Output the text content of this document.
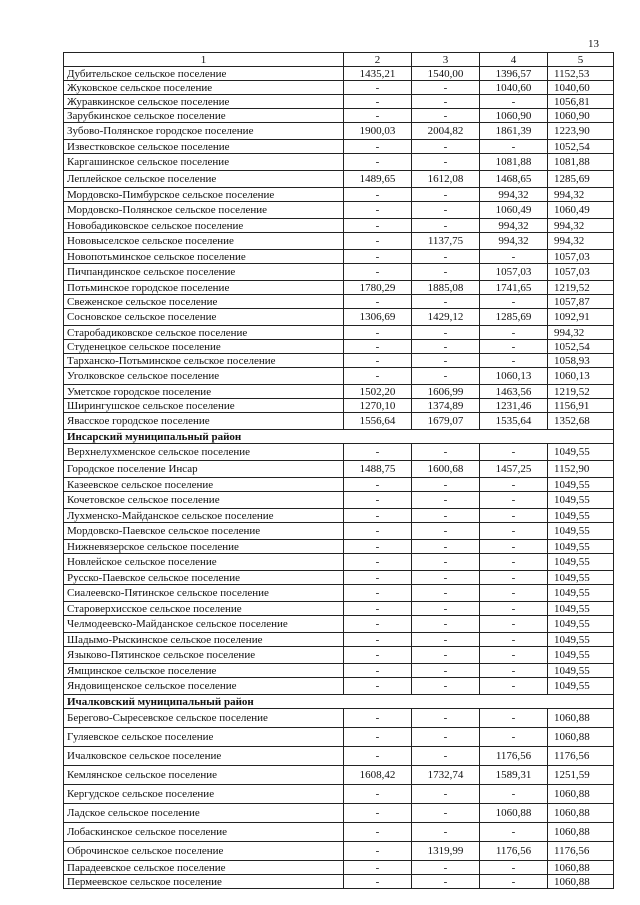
13
1	2	3	4	5
Дубительское сельское поселение	1435,21	1540,00	1396,57	1152,53
Жуковское сельское поселение	-	-	1040,60	1040,60
Журавкинское сельское поселение	-	-	-	1056,81
Зарубкинское сельское поселение	-	-	1060,90	1060,90
Зубово-Полянское городское поселение	1900,03	2004,82	1861,39	1223,90
Известковское сельское поселение	-	-	-	1052,54
Каргашинское сельское поселение	-	-	1081,88	1081,88
Леплейское сельское поселение	1489,65	1612,08	1468,65	1285,69
Мордовско-Пимбурское сельское поселение	-	-	994,32	994,32
Мордовско-Полянское сельское поселение	-	-	1060,49	1060,49
Новобадиковское сельское поселение	-	-	994,32	994,32
Нововыселское сельское поселение	-	1137,75	994,32	994,32
Новопотьминское сельское поселение	-	-	-	1057,03
Пичпандинское сельское поселение	-	-	1057,03	1057,03
Потьминское городское поселение	1780,29	1885,08	1741,65	1219,52
Свеженское сельское поселение	-	-	-	1057,87
Сосновское сельское поселение	1306,69	1429,12	1285,69	1092,91
Старобадиковское сельское поселение	-	-	-	994,32
Студенецкое сельское поселение	-	-	-	1052,54
Тарханско-Потьминское сельское поселение	-	-	-	1058,93
Уголковское сельское поселение	-	-	1060,13	1060,13
Уметское городское поселение	1502,20	1606,99	1463,56	1219,52
Ширингушское сельское поселение	1270,10	1374,89	1231,46	1156,91
Явасское городское поселение	1556,64	1679,07	1535,64	1352,68
Инсарский муниципальный район				
Верхнелухменское сельское поселение	-	-	-	1049,55
Городское поселение Инсар	1488,75	1600,68	1457,25	1152,90
Казеевское сельское поселение	-	-	-	1049,55
Кочетовское сельское поселение	-	-	-	1049,55
Лухменско-Майданское сельское поселение	-	-	-	1049,55
Мордовско-Паевское сельское поселение	-	-	-	1049,55
Нижневязерское сельское поселение	-	-	-	1049,55
Новлейское сельское поселение	-	-	-	1049,55
Русско-Паевское сельское поселение	-	-	-	1049,55
Сиалеевско-Пятинское сельское поселение	-	-	-	1049,55
Староверхисское сельское поселение	-	-	-	1049,55
Челмодеевско-Майданское сельское поселение	-	-	-	1049,55
Шадымо-Рыскинское сельское поселение	-	-	-	1049,55
Языково-Пятинское сельское поселение	-	-	-	1049,55
Ямщинское сельское поселение	-	-	-	1049,55
Яндовищенское сельское поселение	-	-	-	1049,55
Ичалковский муниципальный район				
Берегово-Сыресевское сельское поселение	-	-	-	1060,88
Гуляевское сельское поселение	-	-	-	1060,88
Ичалковское сельское поселение	-	-	1176,56	1176,56
Кемлянское сельское поселение	1608,42	1732,74	1589,31	1251,59
Кергудское сельское поселение	-	-	-	1060,88
Ладское сельское поселение	-	-	1060,88	1060,88
Лобаскинское сельское поселение	-	-	-	1060,88
Оброчинское сельское поселение	-	1319,99	1176,56	1176,56
Парадеевское сельское поселение	-	-	-	1060,88
Пермеевское сельское поселение	-	-	-	1060,88
